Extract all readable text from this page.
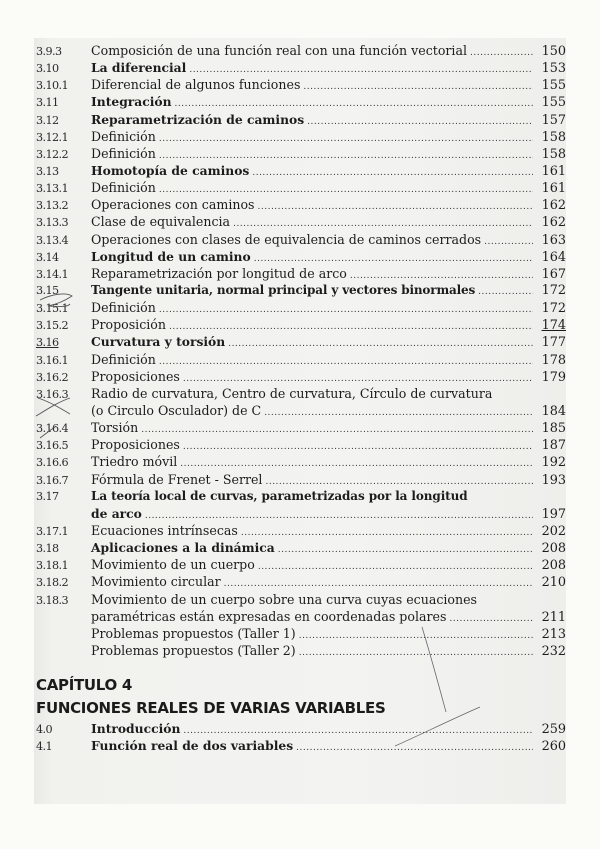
3.9.3	Composición de una función real con una función vectorial .....	150
3.10	La diferencial .....	153
3.10.1	Diferencial de algunos funciones .....	155
3.11	Integración .....	155
3.12	Reparametrización de caminos .....	157
3.12.1	Definición .....	158
3.12.2	Definición .....	158
3.13	Homotopía de caminos .....	161
3.13.1	Definición .....	161
3.13.2	Operaciones con caminos .....	162
3.13.3	Clase de equivalencia .....	162
3.13.4	Operaciones con clases de equivalencia de caminos cerrados .....	163
3.14	Longitud de un camino .....	164
3.14.1	Reparametrización por longitud de arco .....	167
3.15	Tangente unitaria, normal principal y vectores binormales .....	172
3.15.1	Definición .....	172
3.15.2	Proposición .....	174
3.16	Curvatura y torsión .....	177
3.16.1	Definición .....	178
3.16.2	Proposiciones .....	179
3.16.3	Radio de curvatura, Centro de curvatura, Círculo de curvatura
(o Circulo Osculador) de C .....	184
3.16.4	Torsión .....	185
3.16.5	Proposiciones .....	187
3.16.6	Triedro móvil .....	192
3.16.7	Fórmula de Frenet - Serrel .....	193
3.17	La teoría local de curvas, parametrizadas por la longitud
de arco .....	197
3.17.1	Ecuaciones intrínsecas .....	202
3.18	Aplicaciones a la dinámica .....	208
3.18.1	Movimiento de un cuerpo .....	208
3.18.2	Movimiento circular .....	210
3.18.3	Movimiento de un cuerpo sobre una curva cuyas ecuaciones
paramétricas están expresadas en coordenadas polares .....	211
Problemas propuestos (Taller 1) .....	213
Problemas propuestos (Taller 2) .....	232
CAPÍTULO 4
FUNCIONES REALES DE VARIAS VARIABLES
4.0	Introducción .....	259
4.1	Función real de dos variables .....	260
